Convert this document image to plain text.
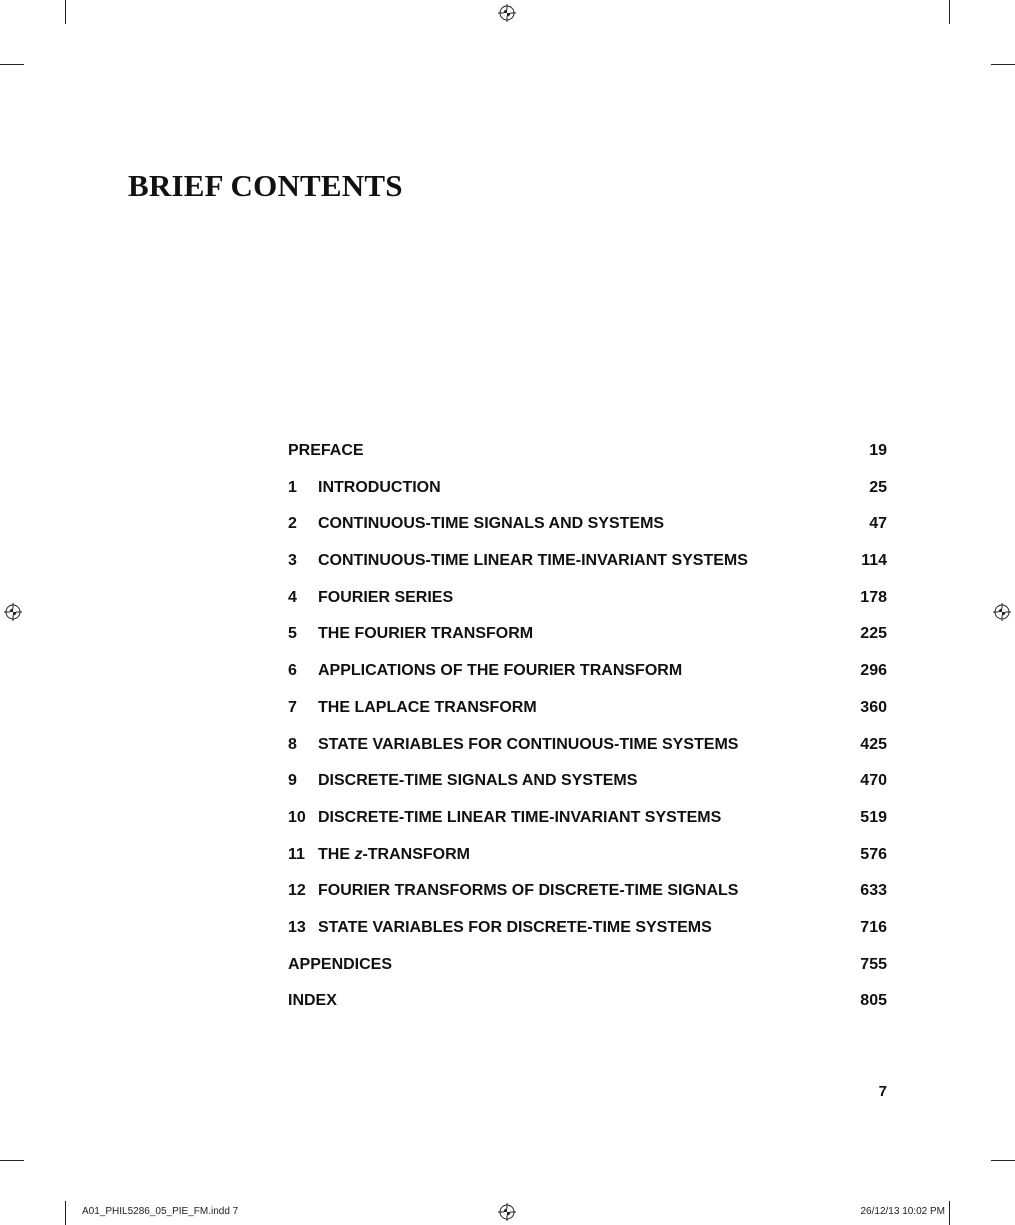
BRIEF CONTENTS
PREFACE	19
1	INTRODUCTION	25
2	CONTINUOUS-TIME SIGNALS AND SYSTEMS	47
3	CONTINUOUS-TIME LINEAR TIME-INVARIANT SYSTEMS	114
4	FOURIER SERIES	178
5	THE FOURIER TRANSFORM	225
6	APPLICATIONS OF THE FOURIER TRANSFORM	296
7	THE LAPLACE TRANSFORM	360
8	STATE VARIABLES FOR CONTINUOUS-TIME SYSTEMS	425
9	DISCRETE-TIME SIGNALS AND SYSTEMS	470
10 DISCRETE-TIME LINEAR TIME-INVARIANT SYSTEMS	519
11 THE z-TRANSFORM	576
12 FOURIER TRANSFORMS OF DISCRETE-TIME SIGNALS	633
13 STATE VARIABLES FOR DISCRETE-TIME SYSTEMS	716
APPENDICES	755
INDEX	805
7
A01_PHIL5286_05_PIE_FM.indd 7	26/12/13 10:02 PM
